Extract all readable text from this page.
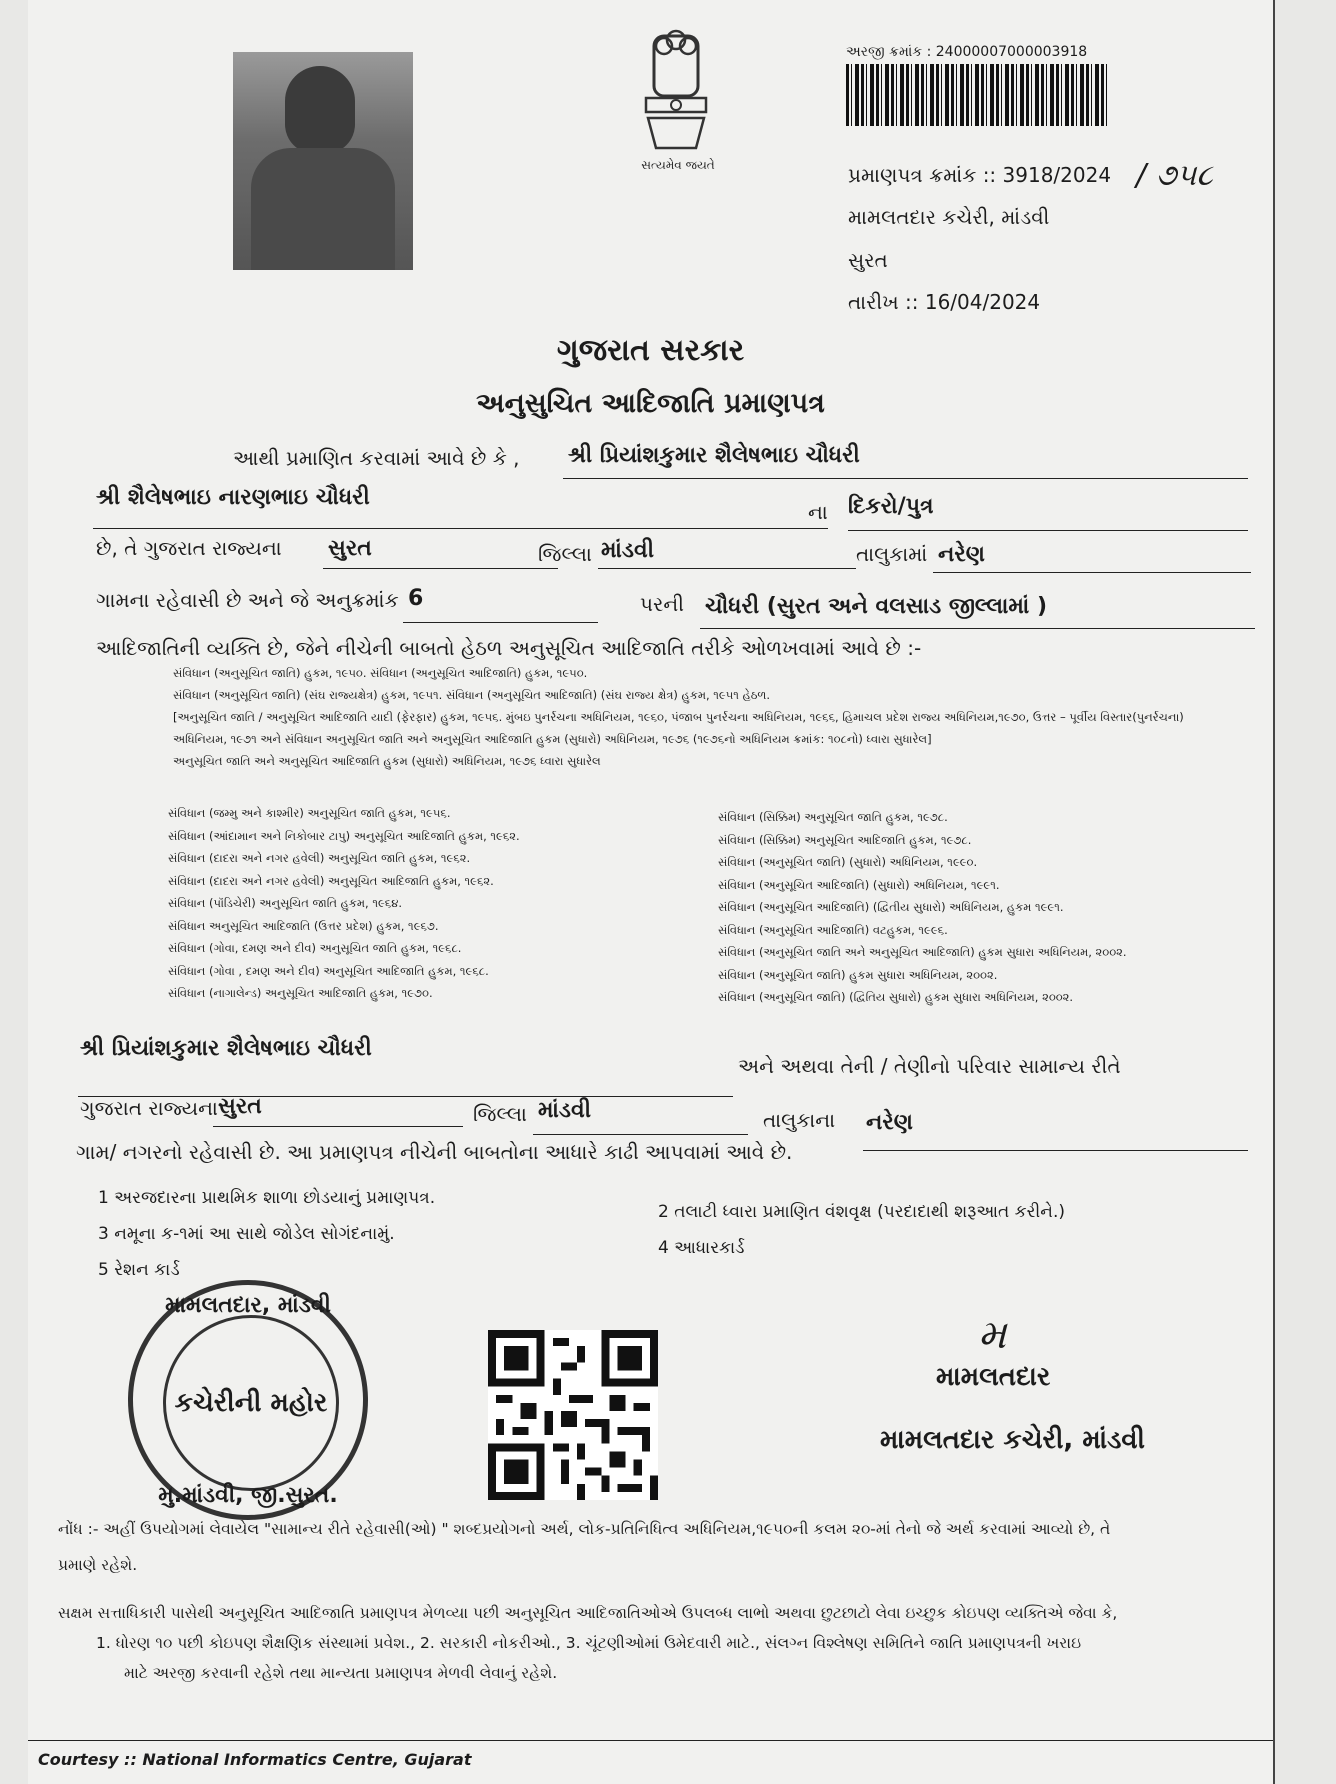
સત્યમેવ જયતે
અરજી ક્રમાંક : 24000007000003918
પ્રમાણપત્ર ક્રમાંક :: 3918/2024 / ૭૫૮
મામલતદાર કચેરી, માંડવી
સુરત
તારીખ :: 16/04/2024
ગુજરાત સરકાર
અનુસુચિત આદિજાતિ પ્રમાણપત્ર
આથી પ્રમાણિત કરવામાં આવે છે કે , શ્રી પ્રિયાંશકુમાર શૈલેષભાઇ ચૌધરી
શ્રી શૈલેષભાઇ નારણભાઇ ચૌધરી
ના દિકરો/પુત્ર
છે, તે ગુજરાત રાજ્યના સુરત	જિલ્લા માંડવી	તાલુકામાં નરેણ
ગામના રહેવાસી છે અને જે અનુક્રમાંક 6	પરની ચૌધરી (સુરત અને વલસાડ જીલ્લામાં )
આદિજાતિની વ્યક્તિ છે, જેને નીચેની બાબતો હેઠળ અનુસૂચિત આદિજાતિ તરીકે ઓળખવામાં આવે છે :-
સંવિધાન (અનુસૂચિત જાતિ) હુકમ, ૧૯૫૦. સંવિધાન (અનુસૂચિત આદિજાતિ) હુકમ, ૧૯૫૦.
સંવિધાન (અનુસૂચિત જાતિ) (સંઘ રાજ્યક્ષેત્ર) હુકમ, ૧૯૫૧. સંવિધાન (અનુસૂચિત આદિજાતિ) (સંઘ રાજ્ય ક્ષેત્ર) હુકમ, ૧૯૫૧ હેઠળ.
[અનુસૂચિત જાતિ / અનુસૂચિત આદિજાતિ યાદી (ફેરફાર) હુકમ, ૧૯૫૬. મુંબઇ પુનર્રચના અધિનિયમ, ૧૯૬૦, પંજાબ પુનર્રચના અધિનિયમ, ૧૯૬૬, હિમાચલ પ્રદેશ રાજ્ય અધિનિયમ,૧૯૭૦, ઉત્તર – પૂર્વીય વિસ્તાર(પુનર્રચના)
અધિનિયમ, ૧૯૭૧ અને સંવિધાન અનુસૂચિત જાતિ અને અનુસૂચિત આદિજાતિ હુકમ (સુધારો) અધિનિયમ, ૧૯૭૬ (૧૯૭૬નો અધિનિયમ ક્રમાંક: ૧૦૮નો) ધ્વારા સુધારેલ]
અનુસૂચિત જાતિ અને અનુસૂચિત આદિજાતિ હુકમ (સુધારો) અધિનિયમ, ૧૯૭૬ ધ્વારા સુધારેલ
સંવિધાન (જમ્મુ અને કાશ્મીર) અનુસૂચિત જાતિ હુકમ, ૧૯૫૬.
સંવિધાન (આંદામાન અને નિકોબાર ટાપુ) અનુસૂચિત આદિજાતિ હુકમ, ૧૯૬૨.
સંવિધાન (દાદરા અને નગર હવેલી) અનુસૂચિત જાતિ હુકમ, ૧૯૬૨.
સંવિધાન (દાદરા અને નગર હવેલી) અનુસૂચિત આદિજાતિ હુકમ, ૧૯૬૨.
સંવિધાન (પૉંડિચેરી) અનુસૂચિત જાતિ હુકમ, ૧૯૬૪.
સંવિધાન અનુસૂચિત આદિજાતિ (ઉત્તર પ્રદેશ) હુકમ, ૧૯૬૭.
સંવિધાન (ગોવા, દમણ અને દીવ) અનુસૂચિત જાતિ હુકમ, ૧૯૬૮.
સંવિધાન (ગોવા , દમણ અને દીવ) અનુસૂચિત આદિજાતિ હુકમ, ૧૯૬૮.
સંવિધાન (નાગાલેન્ડ) અનુસૂચિત આદિજાતિ હુકમ, ૧૯૭૦.
સંવિધાન (સિક્કિમ) અનુસૂચિત જાતિ હુકમ, ૧૯૭૮.
સંવિધાન (સિક્કિમ) અનુસૂચિત આદિજાતિ હુકમ, ૧૯૭૮.
સંવિધાન (અનુસૂચિત જાતિ) (સુધારો) અધિનિયમ, ૧૯૯૦.
સંવિધાન (અનુસૂચિત આદિજાતિ) (સુધારો) અધિનિયમ, ૧૯૯૧.
સંવિધાન (અનુસૂચિત આદિજાતિ) (દ્વિતીય સુધારો) અધિનિયમ, હુકમ ૧૯૯૧.
સંવિધાન (અનુસૂચિત આદિજાતિ) વટહુકમ, ૧૯૯૬.
સંવિધાન (અનુસૂચિત જાતિ અને અનુસૂચિત આદિજાતિ) હુકમ સુધારા અધિનિયમ, ૨૦૦૨.
સંવિધાન (અનુસૂચિત જાતિ) હુકમ સુધારા અધિનિયમ, ૨૦૦૨.
સંવિધાન (અનુસૂચિત જાતિ) (દ્વિતિય સુધારો) હુકમ સુધારા અધિનિયમ, ૨૦૦૨.
શ્રી પ્રિયાંશકુમાર શૈલેષભાઇ ચૌધરી
અને અથવા તેની / તેણીનો પરિવાર સામાન્ય રીતે
ગુજરાત રાજ્યના સુરત	જિલ્લા માંડવી	તાલુકાના નરેણ
ગામ/ નગરનો રહેવાસી છે. આ પ્રમાણપત્ર નીચેની બાબતોના આધારે કાઢી આપવામાં આવે છે.
1 અરજદારના પ્રાથમિક શાળા છોડયાનું પ્રમાણપત્ર.
2 તલાટી ધ્વારા પ્રમાણિત વંશવૃક્ષ (પરદાદાથી શરૂઆત કરીને.)
3 નમૂના ક-૧માં આ સાથે જોડેલ સોગંદનામું.
4 આધારકાર્ડ
5 રેશન કાર્ડ
મામલતદાર, માંડવી
કચેરીની મહોર
મુ.માંડવી, જી.સુરત.
મ
મામલતદાર
મામલતદાર કચેરી, માંડવી
નોંધ :- અહીં ઉપયોગમાં લેવાયેલ "સામાન્ય રીતે રહેવાસી(ઓ) " શબ્દપ્રયોગનો અર્થ, લોક-પ્રતિનિધિત્વ અધિનિયમ,૧૯૫૦ની કલમ ૨૦-માં તેનો જે અર્થ કરવામાં આવ્યો છે, તે
પ્રમાણે રહેશે.
સક્ષમ સત્તાધિકારી પાસેથી અનુસૂચિત આદિજાતિ પ્રમાણપત્ર મેળવ્યા પછી અનુસૂચિત આદિજાતિઓએ ઉપલબ્ધ લાભો અથવા છુટછાટો લેવા ઇચ્છુક કોઇપણ વ્યક્તિએ જેવા કે,
1. ધોરણ ૧૦ પછી કોઇપણ શૈક્ષણિક સંસ્થામાં પ્રવેશ., 2. સરકારી નોકરીઓ., 3. ચૂંટણીઓમાં ઉમેદવારી માટે., સંલગ્ન વિશ્લેષણ સમિતિને જાતિ પ્રમાણપત્રની ખરાઇ
માટે અરજી કરવાની રહેશે તથા માન્યતા પ્રમાણપત્ર મેળવી લેવાનું રહેશે.
Courtesy :: National Informatics Centre, Gujarat
